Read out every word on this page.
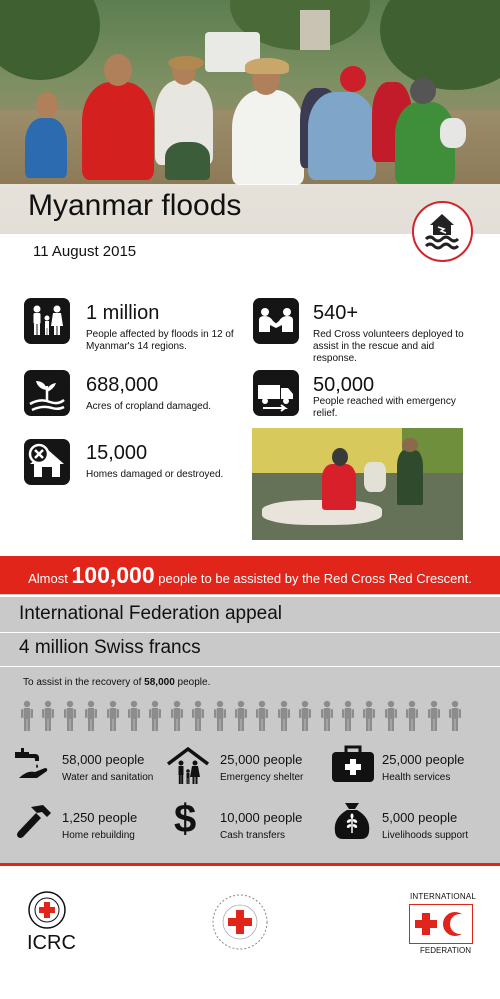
Myanmar floods
11 August 2015
1 million
People affected by floods in 12 of Myanmar's 14 regions.
540+
Red Cross volunteers deployed to assist in the rescue and aid response.
688,000
Acres of cropland damaged.
50,000
People reached with emergency relief.
15,000
Homes damaged or destroyed.
Almost 100,000 people to be assisted by the Red Cross Red Crescent.
International Federation appeal
4 million Swiss francs
To assist in the recovery of 58,000 people.
58,000 people
Water and sanitation
25,000 people
Emergency shelter
25,000 people
Health services
1,250 people
Home rebuilding $ 10,000 people
Cash transfers
5,000 people
Livelihoods support
ICRC
INTERNATIONAL
FEDERATION
